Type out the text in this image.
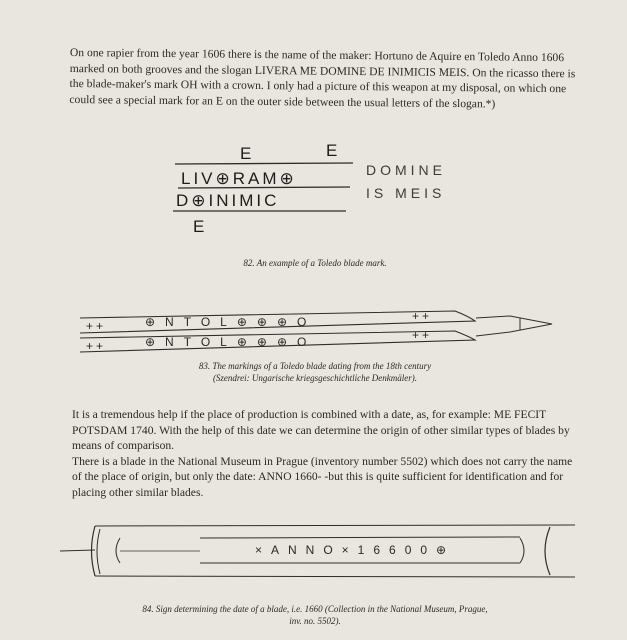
On one rapier from the year 1606 there is the name of the maker: Hortuno de Aquire en Toledo Anno 1606 marked on both grooves and the slogan LIVERA ME DOMINE DE INIMICIS MEIS. On the ricasso there is the blade-maker's mark OH with a crown. I only had a picture of this weapon at my disposal, on which one could see a special mark for an E on the outer side between the usual letters of the slogan.*)

E	E
LIV⊕RAM⊕
D⊕INIMIC
E
DOMINE
IS MEIS

82. An example of a Toledo blade mark.

++
++
++
++
⊕NTOL⊕⊕⊕O
⊕NTOL⊕⊕⊕O
83. The markings of a Toledo blade dating from the 18th century
(Szendrei: Ungarische kriegsgeschichtliche Denkmäler).

It is a tremendous help if the place of production is combined with a date, as, for example: ME FECIT POTSDAM 1740. With the help of this date we can determine the origin of other similar types of blades by means of comparison.

There is a blade in the National Museum in Prague (inventory number 5502) which does not carry the name of the place of origin, but only the date: ANNO 1660- -but this is quite sufficient for identification and for placing other similar blades.

×ANNO×16600⊕
84. Sign determining the date of a blade, i.e. 1660 (Collection in the National Museum, Prague,
inv. no. 5502).
